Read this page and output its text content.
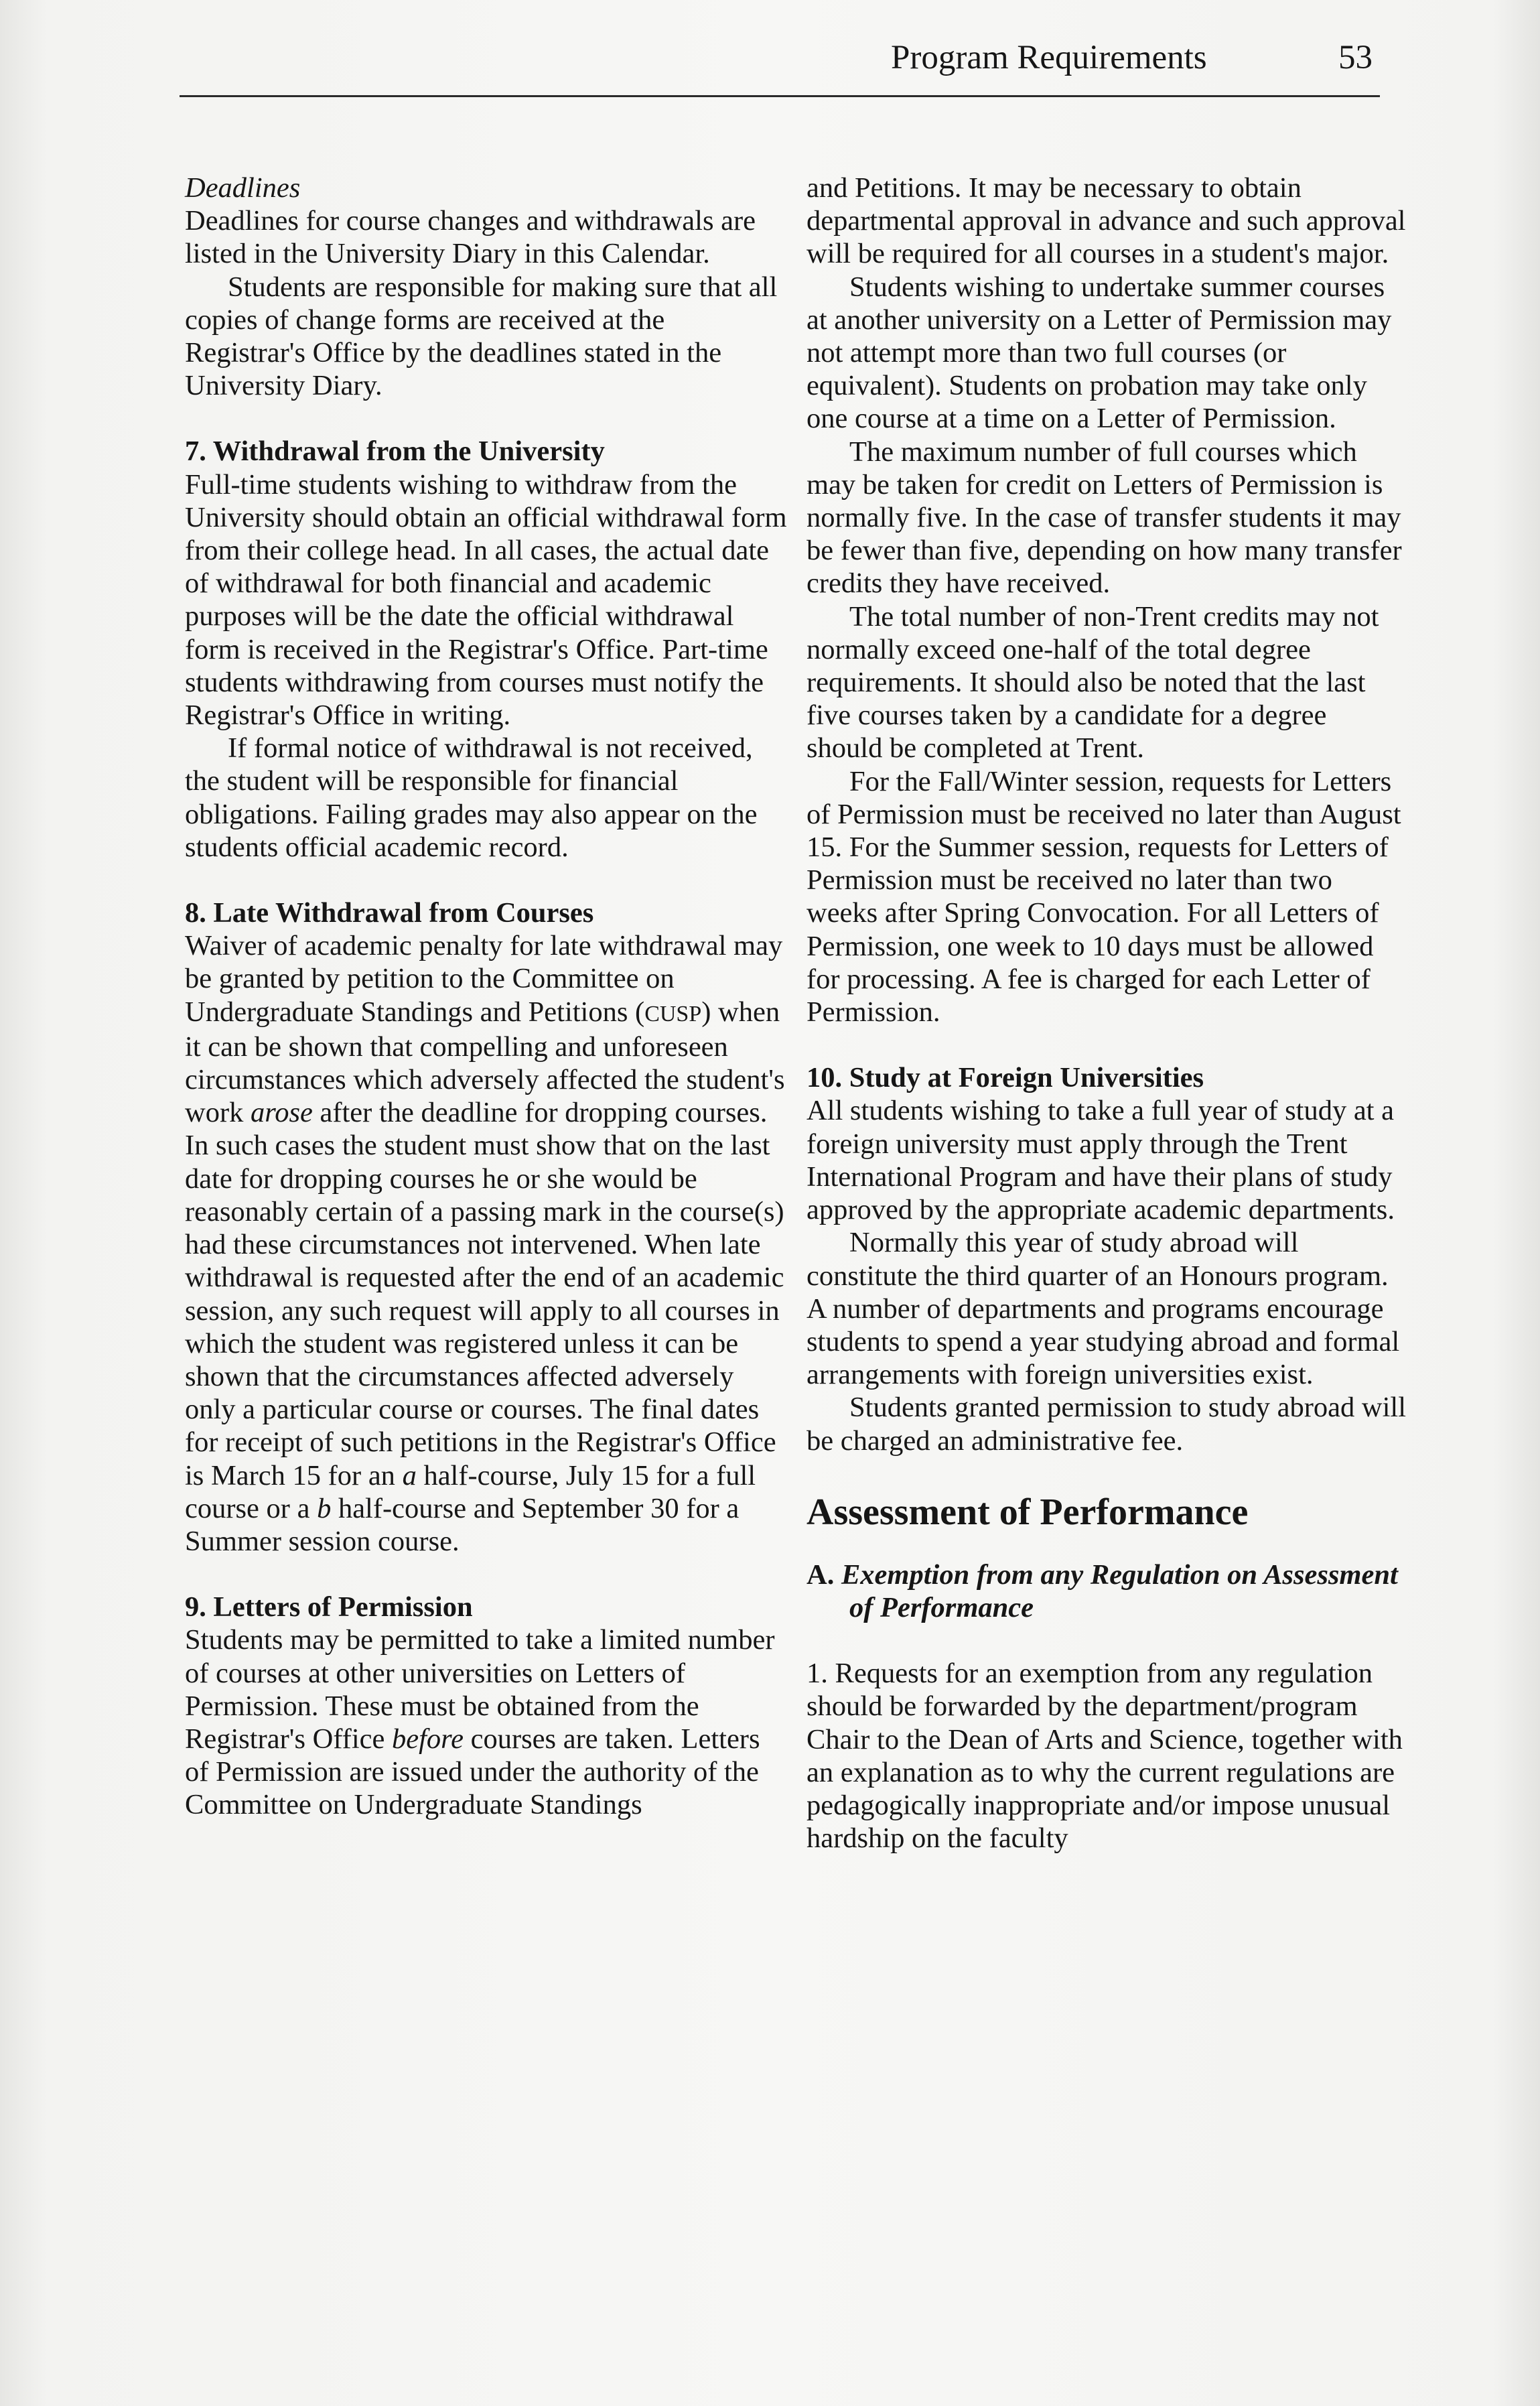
Program Requirements	53

Deadlines

Deadlines for course changes and withdrawals are listed in the University Diary in this Calendar.

Students are responsible for making sure that all copies of change forms are received at the Registrar's Office by the deadlines stated in the University Diary.

7. Withdrawal from the University

Full-time students wishing to withdraw from the University should obtain an official withdrawal form from their college head. In all cases, the actual date of withdrawal for both financial and academic purposes will be the date the official withdrawal form is received in the Registrar's Office. Part-time students withdrawing from courses must notify the Registrar's Office in writing.

If formal notice of withdrawal is not received, the student will be responsible for financial obligations. Failing grades may also appear on the students official academic record.

8. Late Withdrawal from Courses

Waiver of academic penalty for late withdrawal may be granted by petition to the Committee on Undergraduate Standings and Petitions (CUSP) when it can be shown that compelling and unforeseen circumstances which adversely affected the student's work arose after the deadline for dropping courses. In such cases the student must show that on the last date for dropping courses he or she would be reasonably certain of a passing mark in the course(s) had these circumstances not intervened. When late withdrawal is requested after the end of an academic session, any such request will apply to all courses in which the student was registered unless it can be shown that the circumstances affected adversely only a particular course or courses. The final dates for receipt of such petitions in the Registrar's Office is March 15 for an a half-course, July 15 for a full course or a b half-course and September 30 for a Summer session course.

9. Letters of Permission

Students may be permitted to take a limited number of courses at other universities on Letters of Permission. These must be obtained from the Registrar's Office before courses are taken. Letters of Permission are issued under the authority of the Committee on Undergraduate Standings

and Petitions. It may be necessary to obtain departmental approval in advance and such approval will be required for all courses in a student's major.

Students wishing to undertake summer courses at another university on a Letter of Permission may not attempt more than two full courses (or equivalent). Students on probation may take only one course at a time on a Letter of Permission.

The maximum number of full courses which may be taken for credit on Letters of Permission is normally five. In the case of transfer students it may be fewer than five, depending on how many transfer credits they have received.

The total number of non-Trent credits may not normally exceed one-half of the total degree requirements. It should also be noted that the last five courses taken by a candidate for a degree should be completed at Trent.

For the Fall/Winter session, requests for Letters of Permission must be received no later than August 15. For the Summer session, requests for Letters of Permission must be received no later than two weeks after Spring Convocation. For all Letters of Permission, one week to 10 days must be allowed for processing. A fee is charged for each Letter of Permission.

10. Study at Foreign Universities

All students wishing to take a full year of study at a foreign university must apply through the Trent International Program and have their plans of study approved by the appropriate academic departments.

Normally this year of study abroad will constitute the third quarter of an Honours program. A number of departments and programs encourage students to spend a year studying abroad and formal arrangements with foreign universities exist.

Students granted permission to study abroad will be charged an administrative fee.

Assessment of Performance
A. Exemption from any Regulation on Assessment of Performance

1. Requests for an exemption from any regulation should be forwarded by the department/program Chair to the Dean of Arts and Science, together with an explanation as to why the current regulations are pedagogically inappropriate and/or impose unusual hardship on the faculty
